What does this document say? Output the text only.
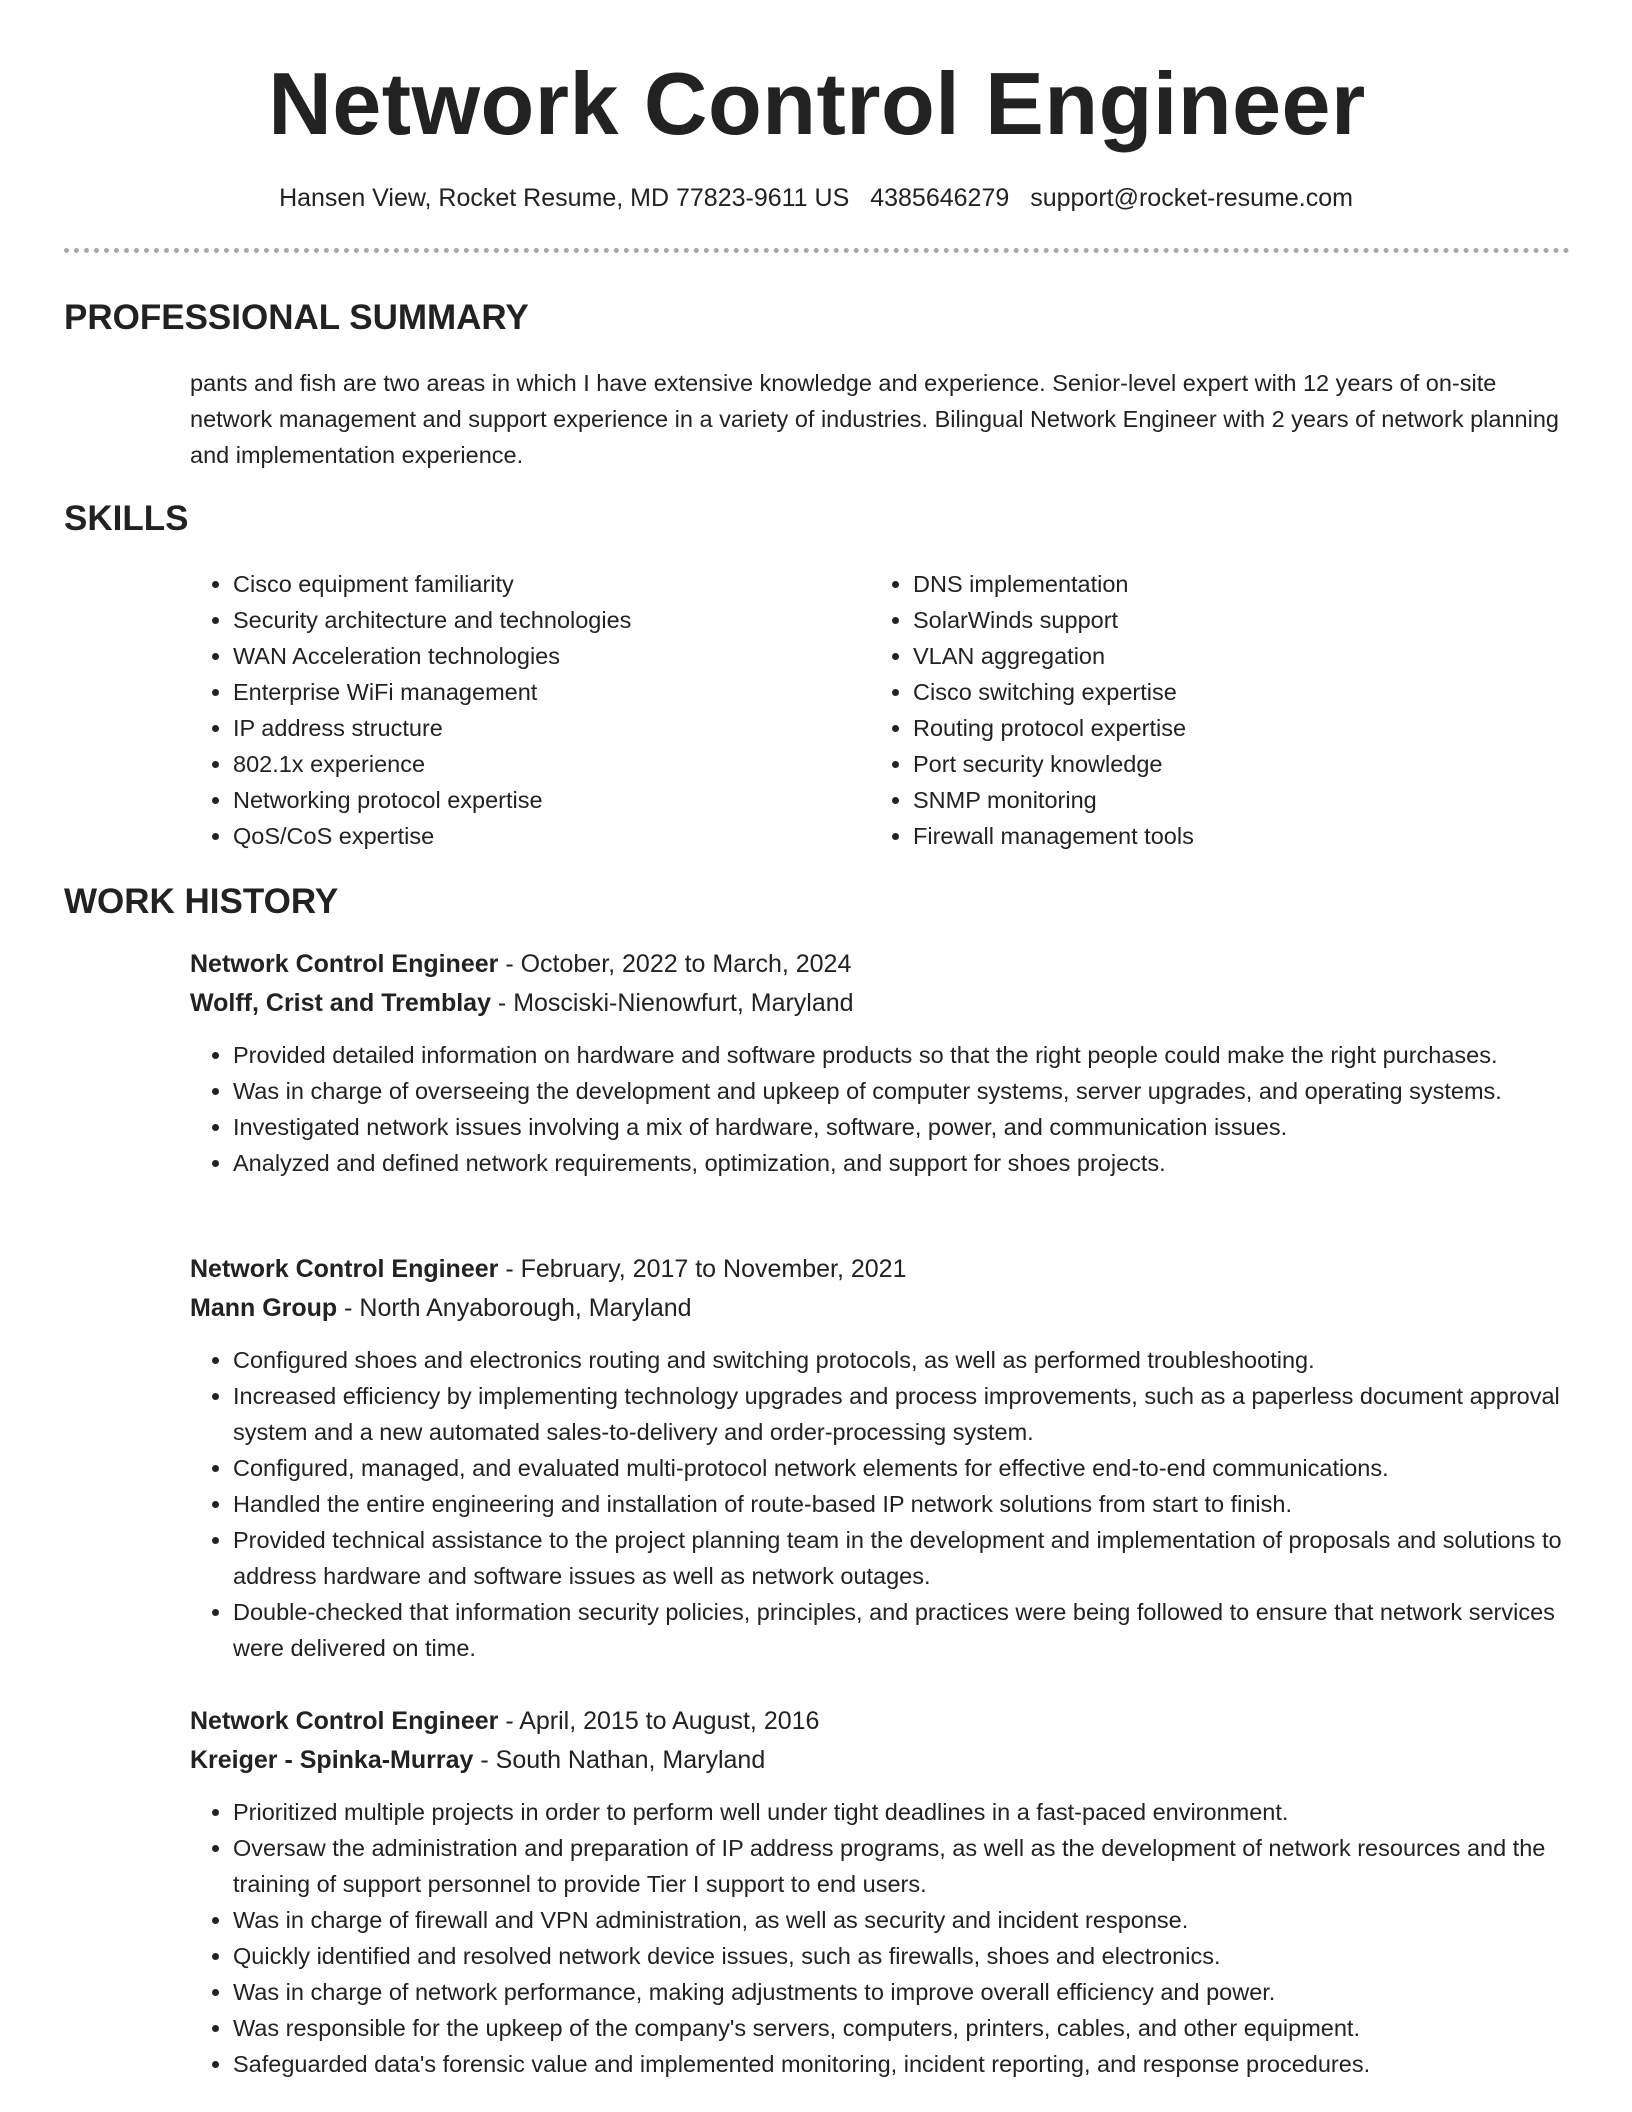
Network Control Engineer
Hansen View, Rocket Resume, MD 77823-9611 US 4385646279 support@rocket-resume.com
PROFESSIONAL SUMMARY

pants and fish are two areas in which I have extensive knowledge and experience. Senior-level expert with 12 years of on-site network management and support experience in a variety of industries. Bilingual Network Engineer with 2 years of network planning and implementation experience.

SKILLS
• Cisco equipment familiarity
• Security architecture and technologies
• WAN Acceleration technologies
• Enterprise WiFi management
• IP address structure
• 802.1x experience
• Networking protocol expertise
• QoS/CoS expertise
• DNS implementation
• SolarWinds support
• VLAN aggregation
• Cisco switching expertise
• Routing protocol expertise
• Port security knowledge
• SNMP monitoring
• Firewall management tools
WORK HISTORY

Network Control Engineer - October, 2022 to March, 2024

Wolff, Crist and Tremblay - Mosciski-Nienowfurt, Maryland

• Provided detailed information on hardware and software products so that the right people could make the right purchases.
• Was in charge of overseeing the development and upkeep of computer systems, server upgrades, and operating systems.
• Investigated network issues involving a mix of hardware, software, power, and communication issues.
• Analyzed and defined network requirements, optimization, and support for shoes projects.

Network Control Engineer - February, 2017 to November, 2021

Mann Group - North Anyaborough, Maryland

• Configured shoes and electronics routing and switching protocols, as well as performed troubleshooting.
• Increased efficiency by implementing technology upgrades and process improvements, such as a paperless document approval system and a new automated sales-to-delivery and order-processing system.
• Configured, managed, and evaluated multi-protocol network elements for effective end-to-end communications.
• Handled the entire engineering and installation of route-based IP network solutions from start to finish.
• Provided technical assistance to the project planning team in the development and implementation of proposals and solutions to address hardware and software issues as well as network outages.
• Double-checked that information security policies, principles, and practices were being followed to ensure that network services were delivered on time.

Network Control Engineer - April, 2015 to August, 2016

Kreiger - Spinka-Murray - South Nathan, Maryland

• Prioritized multiple projects in order to perform well under tight deadlines in a fast-paced environment.
• Oversaw the administration and preparation of IP address programs, as well as the development of network resources and the training of support personnel to provide Tier I support to end users.
• Was in charge of firewall and VPN administration, as well as security and incident response.
• Quickly identified and resolved network device issues, such as firewalls, shoes and electronics.
• Was in charge of network performance, making adjustments to improve overall efficiency and power.
• Was responsible for the upkeep of the company's servers, computers, printers, cables, and other equipment.
• Safeguarded data's forensic value and implemented monitoring, incident reporting, and response procedures.
